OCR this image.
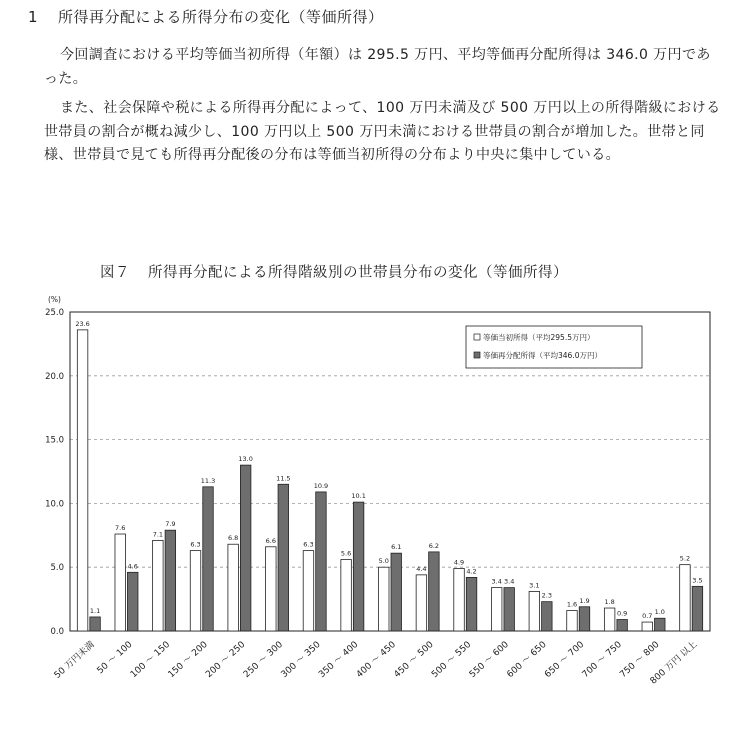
1 所得再分配による所得分布の変化（等価所得）
今回調査における平均等価当初所得（年額）は 295.5 万円、平均等価再分配所得は 346.0 万円であった。
また、社会保障や税による所得再分配によって、100 万円未満及び 500 万円以上の所得階級における世帯員の割合が概ね減少し、100 万円以上 500 万円未満における世帯員の割合が増加した。世帯と同様、世帯員で見ても所得再分配後の分布は等価当初所得の分布より中央に集中している。
図７ 所得再分配による所得階級別の世帯員分布の変化（等価所得）
0.0
5.0
10.0
15.0
20.0
25.0
(%)
23.6
1.1
50 万円未満
7.6
4.6
50 ～ 100
7.1
7.9
100 ～ 150
6.3
11.3
150 ～ 200
6.8
13.0
200 ～ 250
6.6
11.5
250 ～ 300
6.3
10.9
300 ～ 350
5.6
10.1
350 ～ 400
5.0
6.1
400 ～ 450
4.4
6.2
450 ～ 500
4.9
4.2
500 ～ 550
3.4 3.4
550 ～ 600
3.1
2.3
600 ～ 650
1.6 1.9
650 ～ 700
1.8
0.9
700 ～ 750
0.7 1.0
750 ～ 800
5.2
3.5
800 万円 以上
等価当初所得（平均295.5万円）
等価再分配所得（平均346.0万円）
